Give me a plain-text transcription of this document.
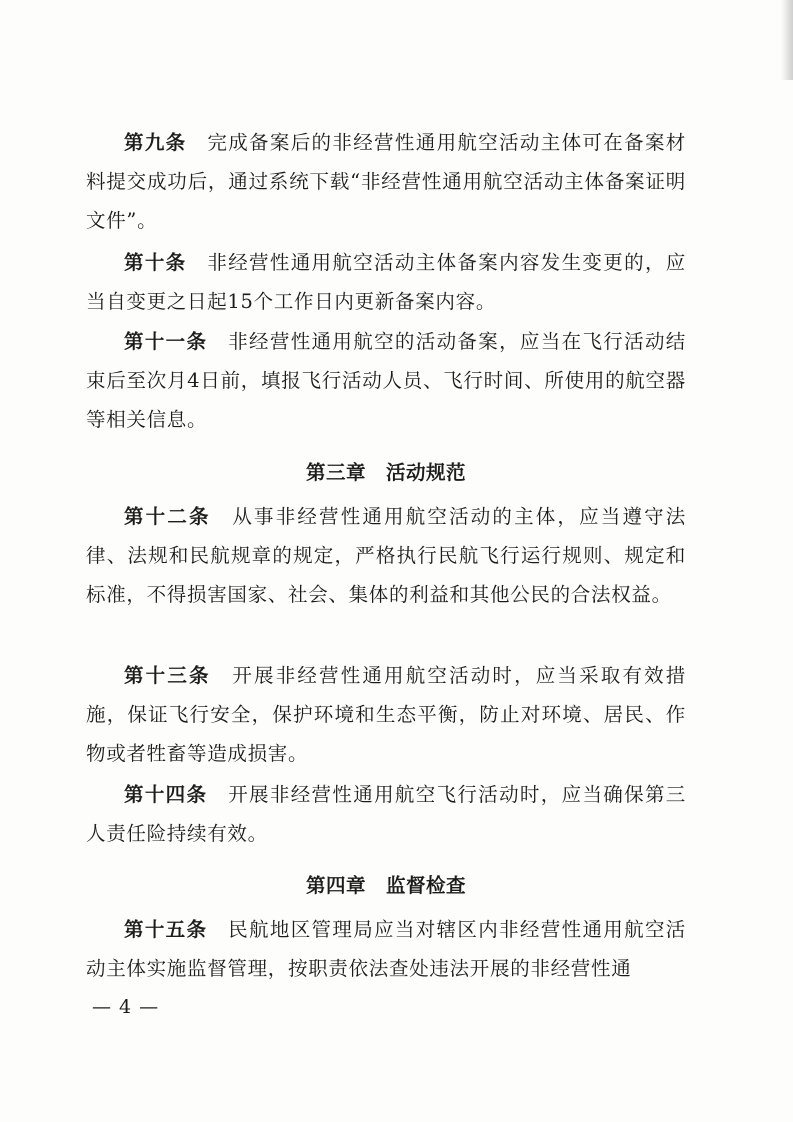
第九条　 完成备案后的非经营性通用航空活动主体可在备案材料提交成功后，通过系统下载“非经营性通用航空活动主体备案证明文件”。

第十条　 非经营性通用航空活动主体备案内容发生变更的，应当自变更之日起15个工作日内更新备案内容。

第十一条　 非经营性通用航空的活动备案，应当在飞行活动结束后至次月4日前，填报飞行活动人员、飞行时间、所使用的航空器等相关信息。

第三章　活动规范

第十二条　 从事非经营性通用航空活动的主体，应当遵守法律、法规和民航规章的规定，严格执行民航飞行运行规则、规定和标准，不得损害国家、社会、集体的利益和其他公民的合法权益。

第十三条　 开展非经营性通用航空活动时，应当采取有效措施，保证飞行安全，保护环境和生态平衡，防止对环境、居民、作物或者牲畜等造成损害。

第十四条　 开展非经营性通用航空飞行活动时，应当确保第三人责任险持续有效。

第四章　监督检查

第十五条　 民航地区管理局应当对辖区内非经营性通用航空活动主体实施监督管理，按职责依法查处违法开展的非经营性通

— 4 —
